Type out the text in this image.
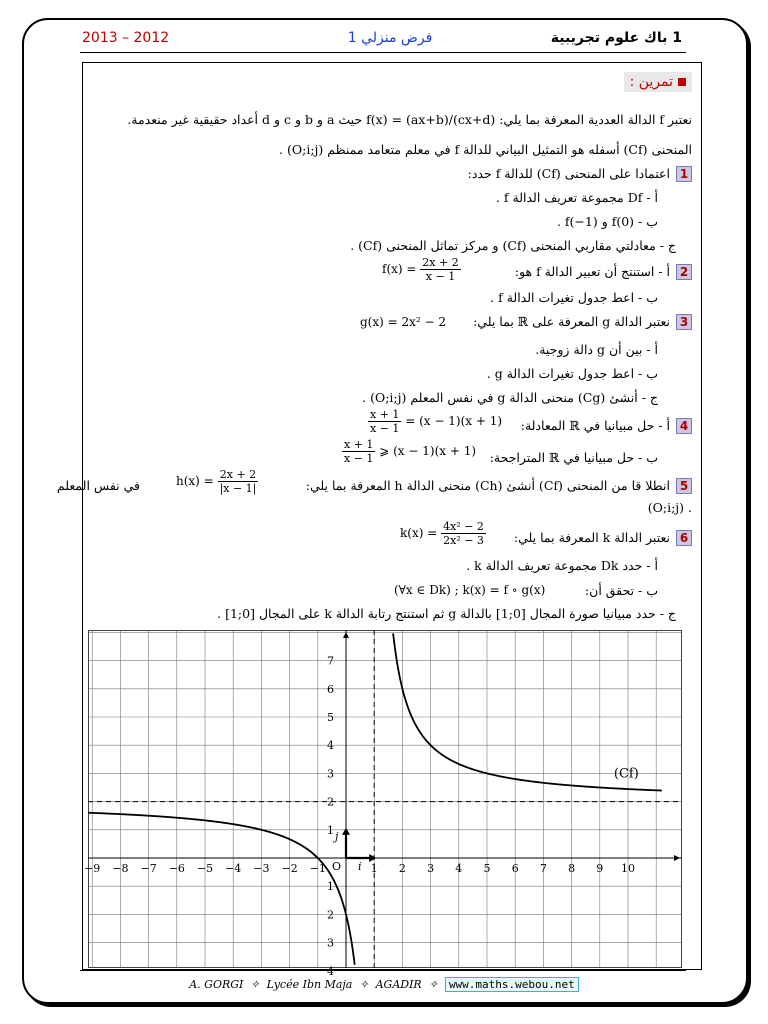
2013 – 2012	فرض منزلي 1	1 باك علوم تجريبية
تمرين :
نعتبر f الدالة العددية المعرفة بما يلي: f(x) = (ax+b)/(cx+d) حيث a و b و c و d أعداد حقيقية غير منعدمة.
المنحنى (Cf) أسفله هو التمثيل البياني للدالة f في معلم متعامد ممنظم (O;i;j) .
1اعتمادا على المنحنى (Cf) للدالة f حدد:
أ - Df مجموعة تعريف الدالة f .
ب - f(0) و f(−1) .
ج - معادلتي مقاربي المنحنى (Cf) و مركز تماثل المنحنى (Cf) .
2أ - استنتج أن تعبير الدالة f هو:
$f(x) = \frac{2x + 2}{x - 1}$
ب - اعط جدول تغيرات الدالة f .
3نعتبر الدالة g المعرفة على ℝ بما يلي:
g(x) = 2x² − 2
أ - بين أن g دالة زوجية.
ب - اعط جدول تغيرات الدالة g .
ج - أنشئ (Cg) منحنى الدالة g في نفس المعلم (O;i;j) .
4أ - حل مبيانيا في ℝ المعادلة:
$\frac{x + 1}{x - 1} = (x - 1)(x + 1)$
ب - حل مبيانيا في ℝ المتراجحة:
$\frac{x + 1}{x - 1}$ ⩾ (x − 1)(x + 1)
5انطلا قا من المنحنى (Cf) أنشئ (Ch) منحنى الدالة h المعرفة بما يلي:
$h(x) = \frac{2x + 2}{|x - 1|}$
في نفس المعلم
. (O;i;j)
6نعتبر الدالة k المعرفة بما يلي:
$k(x) = \frac{\text{4x² − 2}}{\text{2x² − 3}}$
أ - حدد Dk مجموعة تعريف الدالة k .
ب - تحقق أن:
(∀x ∈ Dk) ; k(x) = f ∘ g(x)
ج - حدد مبيانيا صورة المجال [0;1] بالدالة g ثم استنتج رتابة الدالة k على المجال [0;1] .
−9 −8 −7 −6 −5 −4 −3 −2 −1	1 2 3 4 5 6 7 8 9 10
1
2
3
4
5
6
7
1
2
3
4
O i
j
(Cf)
A. GORGI ✧ Lycée Ibn Maja ✧ AGADIR ✧ www.maths.webou.net
